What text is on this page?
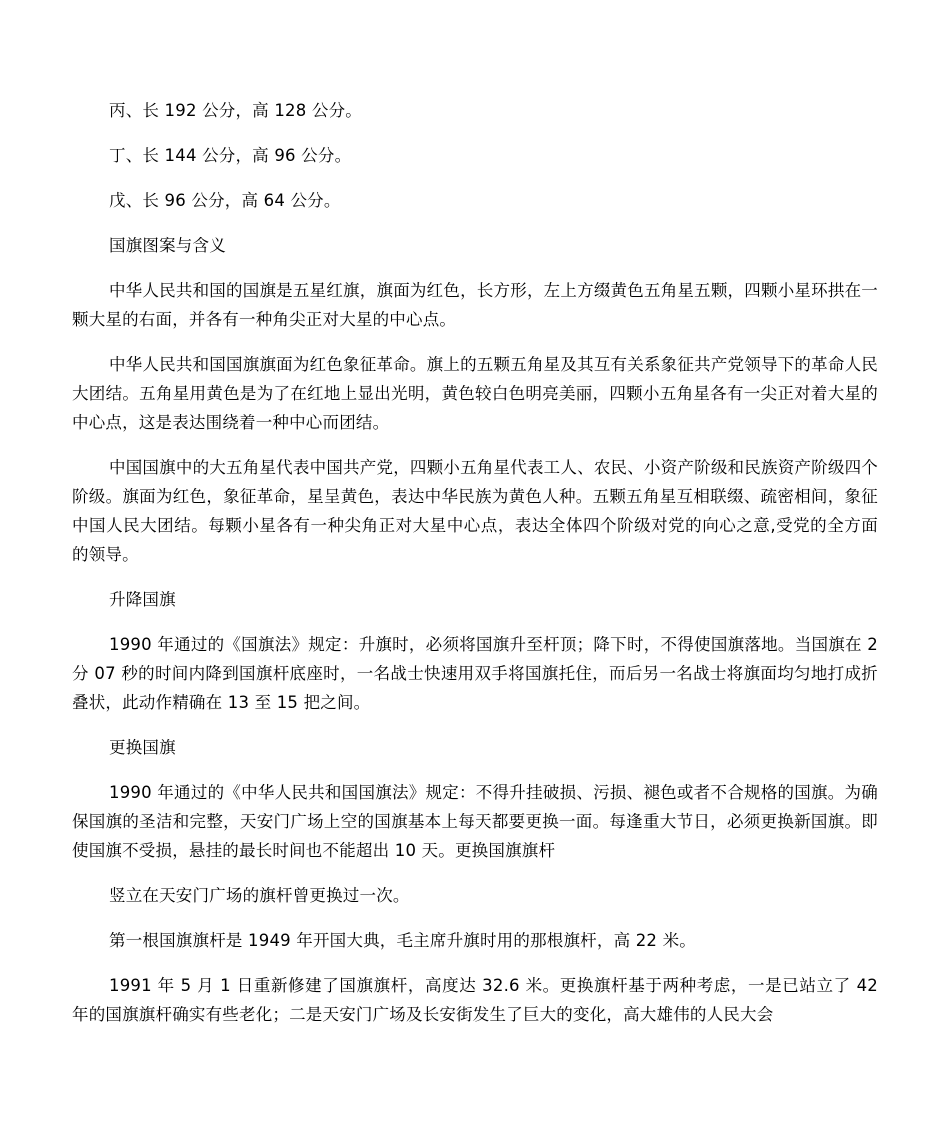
丙、长 192 公分，高 128 公分。

丁、长 144 公分，高 96 公分。

戊、长 96 公分，高 64 公分。

国旗图案与含义

中华人民共和国的国旗是五星红旗，旗面为红色，长方形，左上方缀黄色五角星五颗，四颗小星环拱在一颗大星的右面，并各有一种角尖正对大星的中心点。

中华人民共和国国旗旗面为红色象征革命。旗上的五颗五角星及其互有关系象征共产党领导下的革命人民大团结。五角星用黄色是为了在红地上显出光明，黄色较白色明亮美丽，四颗小五角星各有一尖正对着大星的中心点，这是表达围绕着一种中心而团结。

中国国旗中的大五角星代表中国共产党，四颗小五角星代表工人、农民、小资产阶级和民族资产阶级四个阶级。旗面为红色，象征革命，星呈黄色，表达中华民族为黄色人种。五颗五角星互相联缀、疏密相间，象征中国人民大团结。每颗小星各有一种尖角正对大星中心点，表达全体四个阶级对党的向心之意,受党的全方面的领导。

升降国旗

1990 年通过的《国旗法》规定：升旗时，必须将国旗升至杆顶；降下时，不得使国旗落地。当国旗在 2 分 07 秒的时间内降到国旗杆底座时，一名战士快速用双手将国旗托住，而后另一名战士将旗面均匀地打成折叠状，此动作精确在 13 至 15 把之间。

更换国旗

1990 年通过的《中华人民共和国国旗法》规定：不得升挂破损、污损、褪色或者不合规格的国旗。为确保国旗的圣洁和完整，天安门广场上空的国旗基本上每天都要更换一面。每逢重大节日，必须更换新国旗。即使国旗不受损，悬挂的最长时间也不能超出 10 天。更换国旗旗杆

竖立在天安门广场的旗杆曾更换过一次。

第一根国旗旗杆是 1949 年开国大典，毛主席升旗时用的那根旗杆，高 22 米。

1991 年 5 月 1 日重新修建了国旗旗杆，高度达 32.6 米。更换旗杆基于两种考虑，一是已站立了 42 年的国旗旗杆确实有些老化；二是天安门广场及长安街发生了巨大的变化，高大雄伟的人民大会
